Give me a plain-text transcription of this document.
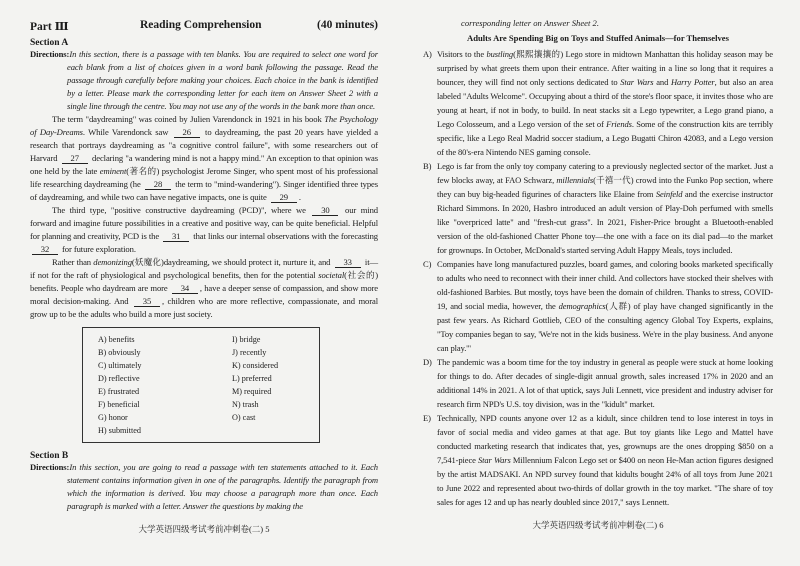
Part Ⅲ	Reading Comprehension	(40 minutes)
Section A
Directions:In this section, there is a passage with ten blanks. You are required to select one word for each blank from a list of choices given in a word bank following the passage. Read the passage through carefully before making your choices. Each choice in the bank is identified by a letter. Please mark the corresponding letter for each item on Answer Sheet 2 with a single line through the centre. You may not use any of the words in the bank more than once.

The term "daydreaming" was coined by Julien Varendonck in 1921 in his book The Psychology of Day-Dreams. While Varendonck saw 26 to daydreaming, the past 20 years have yielded a research that portrays daydreaming as "a cognitive control failure", with some researchers out of Harvard 27 declaring "a wandering mind is not a happy mind." An exception to that opinion was one held by the late eminent(著名的) psychologist Jerome Singer, who spent most of his professional life researching daydreaming (he 28 the term to "mind-wandering"). Singer identified three types of daydreaming, and while two can have negative impacts, one is quite 29 .

The third type, "positive constructive daydreaming (PCD)", where we 30 our mind forward and imagine future possibilities in a creative and positive way, can be quite beneficial. Helpful for planning and creativity, PCD is the 31 that links our internal observations with the forecasting 32 for future exploration.

Rather than demonizing(妖魔化)daydreaming, we should protect it, nurture it, and 33 it—if not for the raft of physiological and psychological benefits, then for the potential societal(社会的) benefits. People who daydream are more 34 , have a deeper sense of compassion, and show more moral decision-making. And 35 , children who are more reflective, compassionate, and moral grow up to be the adults who build a more just society.

A) benefits
B) obviously
C) ultimately
D) reflective
E) frustrated
F) beneficial
G) honor
H) submitted
I) bridge
J) recently
K) considered
L) preferred
M) required
N) trash
O) cast
Section B
Directions:In this section, you are going to read a passage with ten statements attached to it. Each statement contains information given in one of the paragraphs. Identify the paragraph from which the information is derived. You may choose a paragraph more than once. Each paragraph is marked with a letter. Answer the questions by making the
大学英语四级考试考前冲刺卷(二) 5
corresponding letter on Answer Sheet 2.
Adults Are Spending Big on Toys and Stuffed Animals—for Themselves

A) Visitors to the bustling(熙熙攘攘的) Lego store in midtown Manhattan this holiday season may be surprised by what greets them upon their entrance. After waiting in a line so long that it requires a bouncer, they will find not only sections dedicated to Star Wars and Harry Potter, but also an area labeled "Adults Welcome". Occupying about a third of the store's floor space, it invites those who are young at heart, if not in body, to build. In neat stacks sit a Lego typewriter, a Lego grand piano, a Lego Colosseum, and a Lego version of the set of Friends. Some of the construction kits are terribly specific, like a Lego Real Madrid soccer stadium, a Lego Bugatti Chiron 42083, and a Lego version of the 80's-era Nintendo NES gaming console.

B) Lego is far from the only toy company catering to a previously neglected sector of the market. Just a few blocks away, at FAO Schwarz, millennials(千禧一代) crowd into the Funko Pop section, where they can buy big-headed figurines of characters like Elaine from Seinfeld and the exercise instructor Richard Simmons. In 2020, Hasbro introduced an adult version of Play-Doh perfumed with smells like "overpriced latte" and "fresh-cut grass". In 2021, Fisher-Price brought a Bluetooth-enabled version of the old-fashioned Chatter Phone toy—the one with a face on its dial pad—to the market for grownups. In October, McDonald's started serving Adult Happy Meals, toys included.

C) Companies have long manufactured puzzles, board games, and coloring books marketed specifically to adults who need to reconnect with their inner child. And collectors have stocked their shelves with old-fashioned Barbies. But mostly, toys have been the domain of children. Thanks to stress, COVID-19, and social media, however, the demographics(人群) of play have changed significantly in the past few years. As Richard Gottlieb, CEO of the consulting agency Global Toy Experts, explains, "Toy companies began to say, 'We're not in the kids business. We're in the play business. And anyone can play.'"

D) The pandemic was a boom time for the toy industry in general as people were stuck at home looking for things to do. After decades of single-digit annual growth, sales increased 17% in 2020 and an additional 14% in 2021. A lot of that uptick, says Juli Lennett, vice president and industry adviser for research firm NPD's U.S. toy division, was in the "kidult" market.

E) Technically, NPD counts anyone over 12 as a kidult, since children tend to lose interest in toys in favor of social media and video games at that age. But toy giants like Lego and Mattel have conducted marketing research that indicates that, yes, grownups are the ones dropping $850 on a 7,541-piece Star Wars Millennium Falcon Lego set or $400 on neon He-Man action figures designed by the artist MADSAKI. An NPD survey found that kidults bought 24% of all toys from June 2021 to June 2022 and represented about two-thirds of dollar growth in the toy market. "The share of toy sales for ages 12 and up has nearly doubled since 2017," says Lennett.

大学英语四级考试考前冲刺卷(二) 6
